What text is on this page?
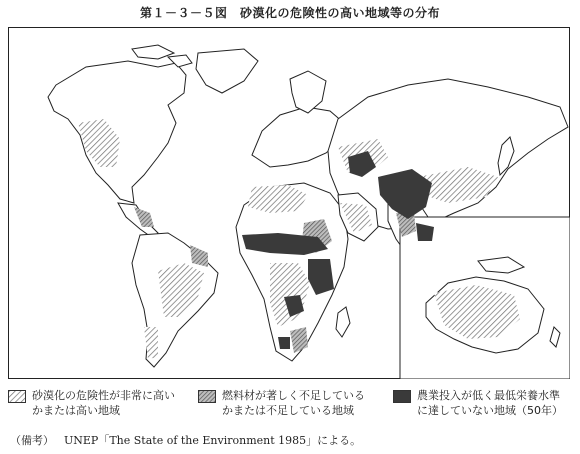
第１－３－５図　砂漠化の危険性の高い地域等の分布
砂漠化の危険性が非常に高い
かまたは高い地域
燃料材が著しく不足している
かまたは不足している地域
農業投入が低く最低栄養水準
に達していない地域（50年）
（備考） UNEP「The State of the Environment 1985」による。
